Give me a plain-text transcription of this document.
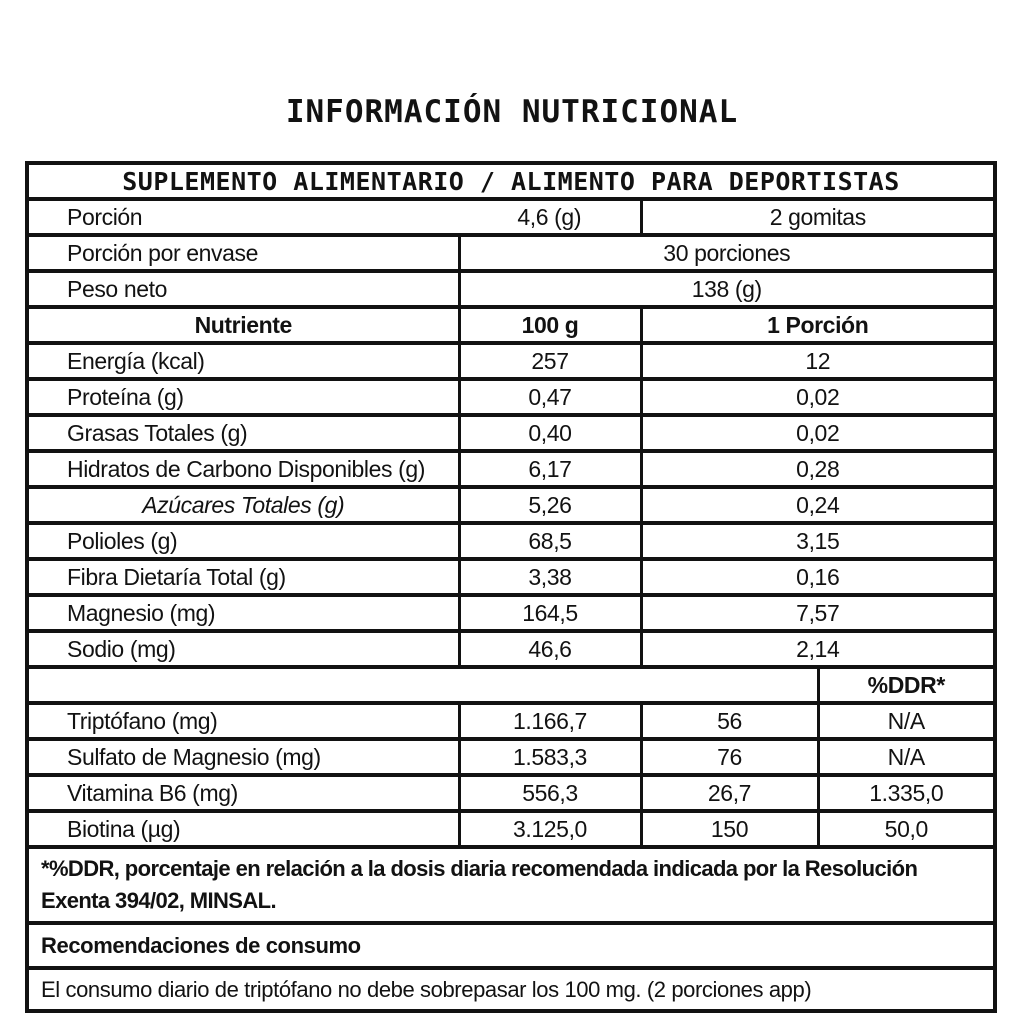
INFORMACIÓN NUTRICIONAL
SUPLEMENTO ALIMENTARIO / ALIMENTO PARA DEPORTISTAS			
Porción	4,6 (g)	2 gomitas	
Porción por envase	30 porciones		
Peso neto	138 (g)		
Nutriente	100 g	1 Porción	
Energía (kcal)	257	12	
Proteína (g)	0,47	0,02	
Grasas Totales (g)	0,40	0,02	
Hidratos de Carbono Disponibles (g)	6,17	0,28	
Azúcares Totales (g)	5,26	0,24	
Polioles (g)	68,5	3,15	
Fibra Dietaría Total (g)	3,38	0,16	
Magnesio (mg)	164,5	7,57	
Sodio (mg)	46,6	2,14	
			%DDR*
Triptófano (mg)	1.166,7	56	N/A
Sulfato de Magnesio (mg)	1.583,3	76	N/A
Vitamina B6 (mg)	556,3	26,7	1.335,0
Biotina (µg)	3.125,0	150	50,0

*%DDR, porcentaje en relación a la dosis diaria recomendada indicada por la Resolución
Exenta 394/02, MINSAL.			

Recomendaciones de consumo			
El consumo diario de triptófano no debe sobrepasar los 100 mg. (2 porciones app)			
